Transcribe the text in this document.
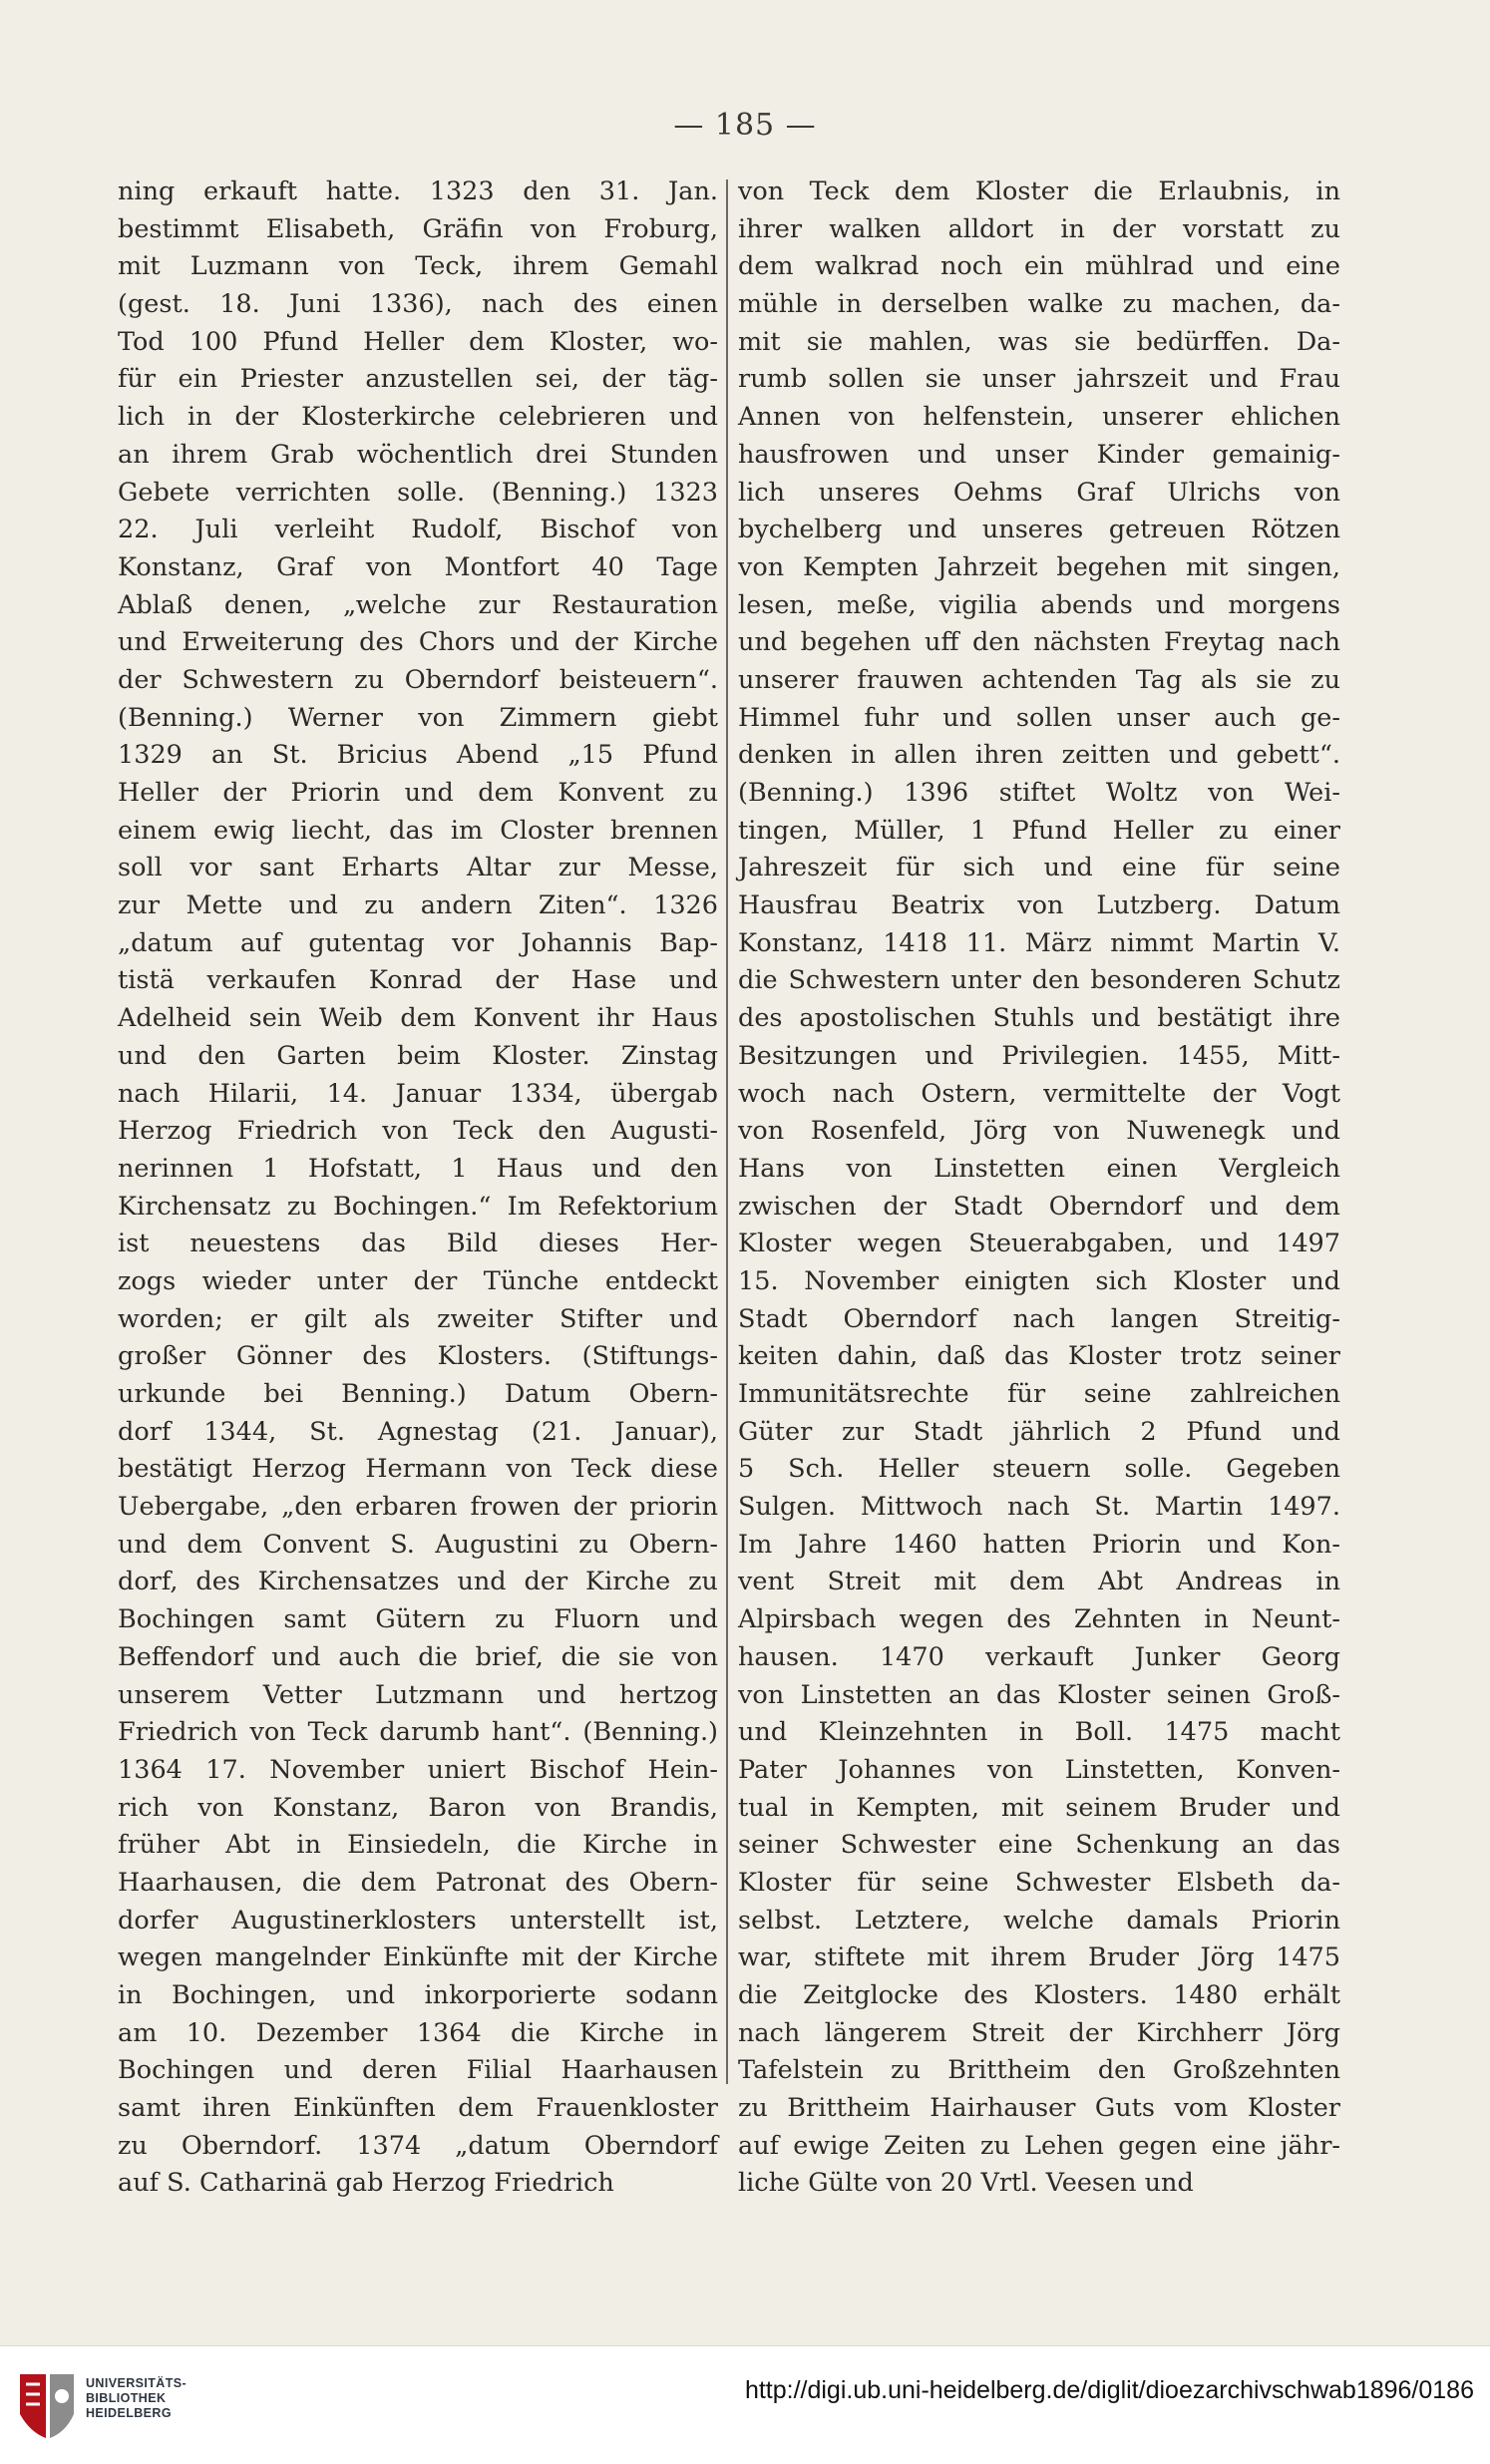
— 185 —
ning erkauft hatte. 1323 den 31. Jan.
bestimmt Elisabeth, Gräfin von Froburg,
mit Luzmann von Teck, ihrem Gemahl
(gest. 18. Juni 1336), nach des einen
Tod 100 Pfund Heller dem Kloster, wo-
für ein Priester anzustellen sei, der täg-
lich in der Klosterkirche celebrieren und
an ihrem Grab wöchentlich drei Stunden
Gebete verrichten solle. (Benning.) 1323
22. Juli verleiht Rudolf, Bischof von
Konstanz, Graf von Montfort 40 Tage
Ablaß denen, „welche zur Restauration
und Erweiterung des Chors und der Kirche
der Schwestern zu Oberndorf beisteuern“.
(Benning.) Werner von Zimmern giebt
1329 an St. Bricius Abend „15 Pfund
Heller der Priorin und dem Konvent zu
einem ewig liecht, das im Closter brennen
soll vor sant Erharts Altar zur Messe,
zur Mette und zu andern Ziten“. 1326
„datum auf gutentag vor Johannis Bap-
tistä verkaufen Konrad der Hase und
Adelheid sein Weib dem Konvent ihr Haus
und den Garten beim Kloster. Zinstag
nach Hilarii, 14. Januar 1334, übergab
Herzog Friedrich von Teck den Augusti-
nerinnen 1 Hofstatt, 1 Haus und den
Kirchensatz zu Bochingen.“ Im Refektorium
ist neuestens das Bild dieses Her-
zogs wieder unter der Tünche entdeckt
worden; er gilt als zweiter Stifter und
großer Gönner des Klosters. (Stiftungs-
urkunde bei Benning.) Datum Obern-
dorf 1344, St. Agnestag (21. Januar),
bestätigt Herzog Hermann von Teck diese
Uebergabe, „den erbaren frowen der priorin
und dem Convent S. Augustini zu Obern-
dorf, des Kirchensatzes und der Kirche zu
Bochingen samt Gütern zu Fluorn und
Beffendorf und auch die brief, die sie von
unserem Vetter Lutzmann und hertzog
Friedrich von Teck darumb hant“. (Benning.)
1364 17. November uniert Bischof Hein-
rich von Konstanz, Baron von Brandis,
früher Abt in Einsiedeln, die Kirche in
Haarhausen, die dem Patronat des Obern-
dorfer Augustinerklosters unterstellt ist,
wegen mangelnder Einkünfte mit der Kirche
in Bochingen, und inkorporierte sodann
am 10. Dezember 1364 die Kirche in
Bochingen und deren Filial Haarhausen
samt ihren Einkünften dem Frauenkloster
zu Oberndorf. 1374 „datum Oberndorf
auf S. Catharinä gab Herzog Friedrich
von Teck dem Kloster die Erlaubnis, in
ihrer walken alldort in der vorstatt zu
dem walkrad noch ein mühlrad und eine
mühle in derselben walke zu machen, da-
mit sie mahlen, was sie bedürffen. Da-
rumb sollen sie unser jahrszeit und Frau
Annen von helfenstein, unserer ehlichen
hausfrowen und unser Kinder gemainig-
lich unseres Oehms Graf Ulrichs von
bychelberg und unseres getreuen Rötzen
von Kempten Jahrzeit begehen mit singen,
lesen, meße, vigilia abends und morgens
und begehen uff den nächsten Freytag nach
unserer frauwen achtenden Tag als sie zu
Himmel fuhr und sollen unser auch ge-
denken in allen ihren zeitten und gebett“.
(Benning.) 1396 stiftet Woltz von Wei-
tingen, Müller, 1 Pfund Heller zu einer
Jahreszeit für sich und eine für seine
Hausfrau Beatrix von Lutzberg. Datum
Konstanz, 1418 11. März nimmt Martin V.
die Schwestern unter den besonderen Schutz
des apostolischen Stuhls und bestätigt ihre
Besitzungen und Privilegien. 1455, Mitt-
woch nach Ostern, vermittelte der Vogt
von Rosenfeld, Jörg von Nuwenegk und
Hans von Linstetten einen Vergleich
zwischen der Stadt Oberndorf und dem
Kloster wegen Steuerabgaben, und 1497
15. November einigten sich Kloster und
Stadt Oberndorf nach langen Streitig-
keiten dahin, daß das Kloster trotz seiner
Immunitätsrechte für seine zahlreichen
Güter zur Stadt jährlich 2 Pfund und
5 Sch. Heller steuern solle. Gegeben
Sulgen. Mittwoch nach St. Martin 1497.
Im Jahre 1460 hatten Priorin und Kon-
vent Streit mit dem Abt Andreas in
Alpirsbach wegen des Zehnten in Neunt-
hausen. 1470 verkauft Junker Georg
von Linstetten an das Kloster seinen Groß-
und Kleinzehnten in Boll. 1475 macht
Pater Johannes von Linstetten, Konven-
tual in Kempten, mit seinem Bruder und
seiner Schwester eine Schenkung an das
Kloster für seine Schwester Elsbeth da-
selbst. Letztere, welche damals Priorin
war, stiftete mit ihrem Bruder Jörg 1475
die Zeitglocke des Klosters. 1480 erhält
nach längerem Streit der Kirchherr Jörg
Tafelstein zu Brittheim den Großzehnten
zu Brittheim Hairhauser Guts vom Kloster
auf ewige Zeiten zu Lehen gegen eine jähr-
liche Gülte von 20 Vrtl. Veesen und
UNIVERSITÄTS-
BIBLIOTHEK
HEIDELBERG
http://digi.ub.uni-heidelberg.de/diglit/dioezarchivschwab1896/0186
